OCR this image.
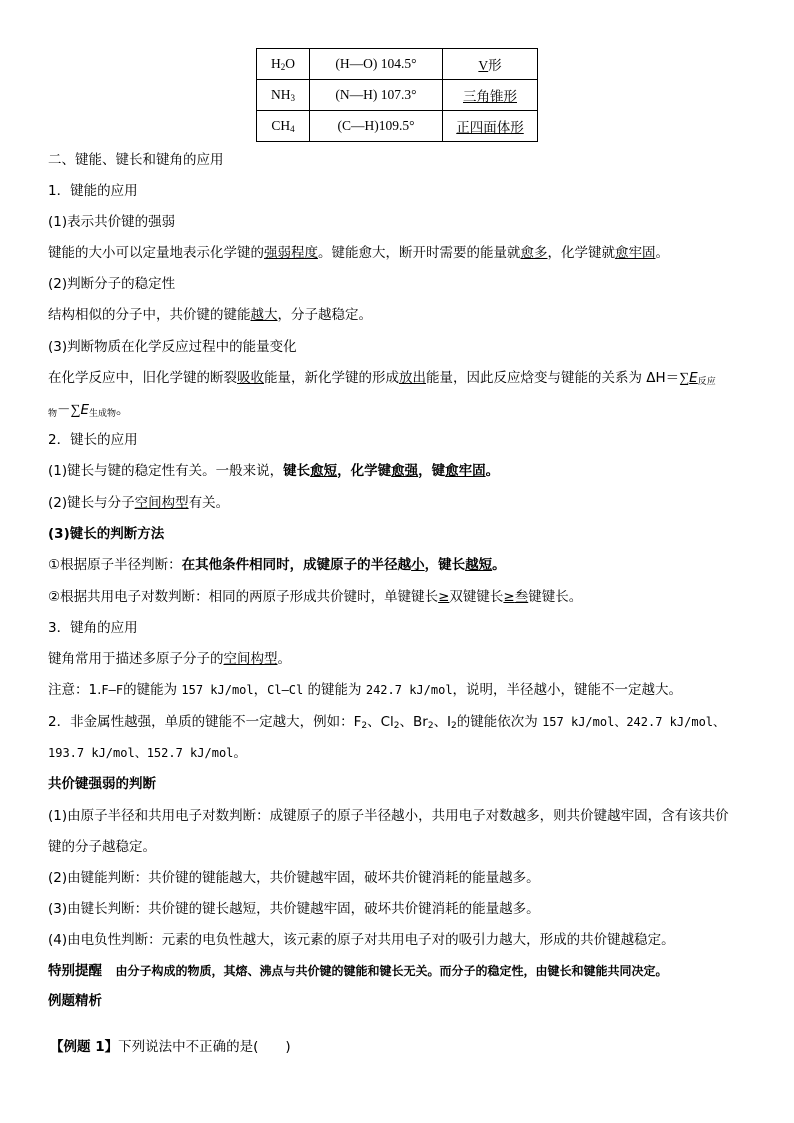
$H_2O$	(H—O) 104.5°	V形
$NH_3$	(N—H) 107.3°	三角锥形
$CH_4$	(C—H)109.5°	正四面体形
二、键能、键长和键角的应用
1．键能的应用
(1)表示共价键的强弱
键能的大小可以定量地表示化学键的强弱程度。键能愈大，断开时需要的能量就愈多，化学键就愈牢固。
(2)判断分子的稳定性
结构相似的分子中，共价键的键能越大，分子越稳定。
(3)判断物质在化学反应过程中的能量变化
在化学反应中，旧化学键的断裂吸收能量，新化学键的形成放出能量，因此反应焓变与键能的关系为 $\Delta H=\sum E_{反应}$
$_物-\sum E_{生成物}$。
2．键长的应用
(1)键长与键的稳定性有关。一般来说，键长愈短，化学键愈强，键愈牢固。
(2)键长与分子空间构型有关。
(3)键长的判断方法
①根据原子半径判断：在其他条件相同时，成键原子的半径越小，键长越短。
②根据共用电子对数判断：相同的两原子形成共价键时，单键键长≥双键键长≥叁键键长。
3．键角的应用
键角常用于描述多原子分子的空间构型。
注意：1.F—F的键能为 157 kJ/mol，Cl—Cl 的键能为 242.7 kJ/mol，说明，半径越小，键能不一定越大。
2．非金属性越强，单质的键能不一定越大，例如：$F_2$、$Cl_2$、$Br_2$、$I_2$的键能依次为 157 kJ/mol、242.7 kJ/mol、
193.7 kJ/mol、152.7 kJ/mol。
共价键强弱的判断
(1)由原子半径和共用电子对数判断：成键原子的原子半径越小，共用电子对数越多，则共价键越牢固，含有该共价
键的分子越稳定。
(2)由键能判断：共价键的键能越大，共价键越牢固，破坏共价键消耗的能量越多。
(3)由键长判断：共价键的键长越短，共价键越牢固，破坏共价键消耗的能量越多。
(4)由电负性判断：元素的电负性越大，该元素的原子对共用电子对的吸引力越大，形成的共价键越稳定。
特别提醒  由分子构成的物质，其熔、沸点与共价键的键能和键长无关。而分子的稳定性，由键长和键能共同决定。
例题精析
【例题 1】下列说法中不正确的是(　　)
